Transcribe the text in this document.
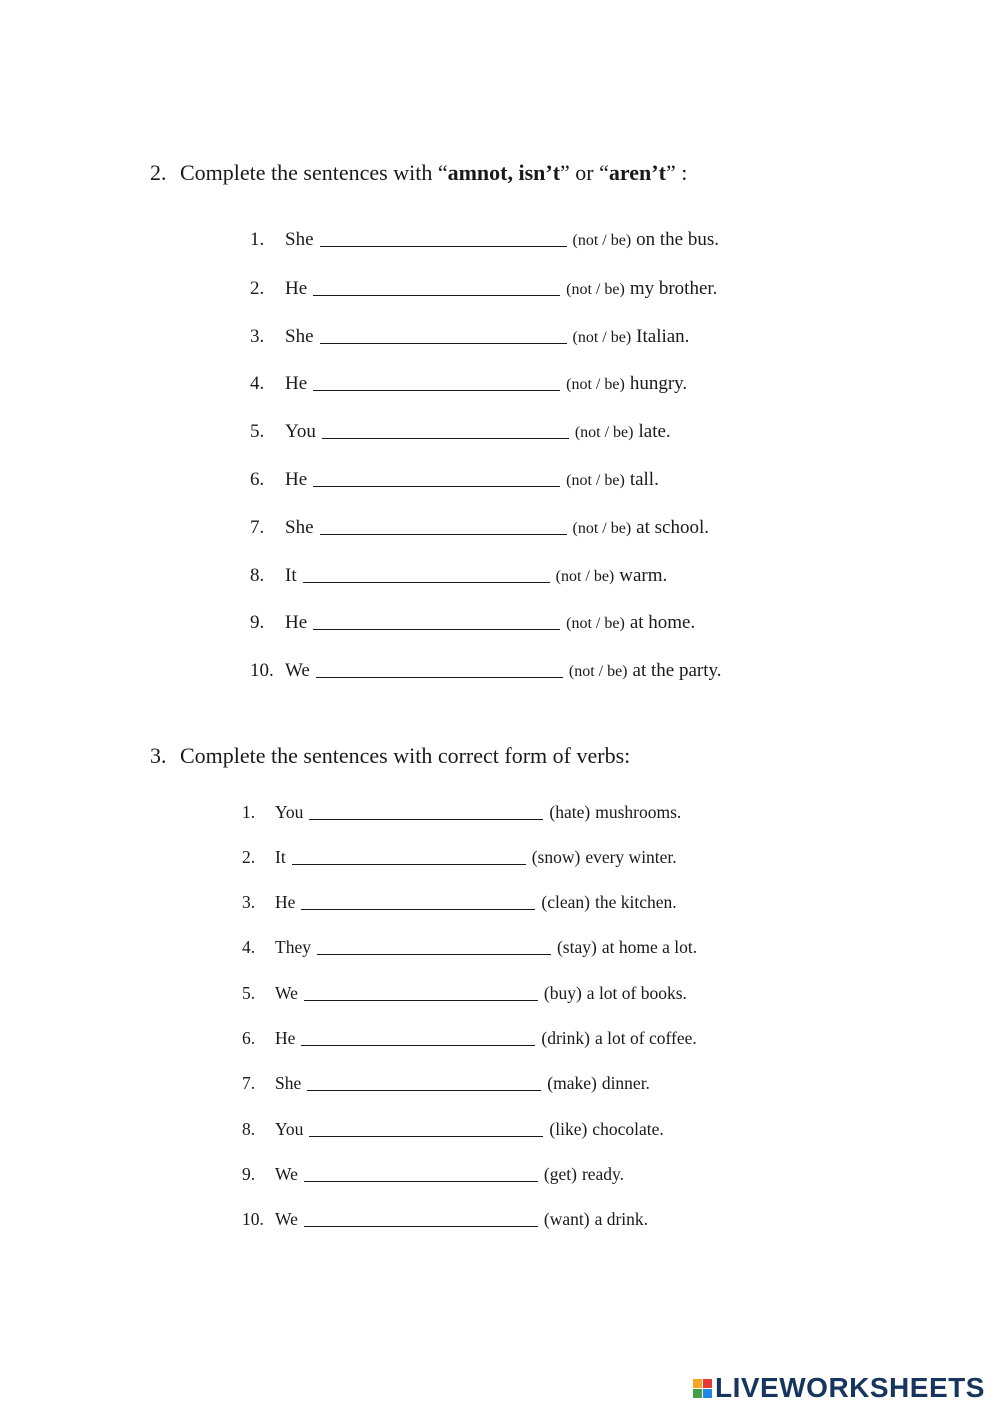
2. Complete the sentences with “amnot, isn’t” or “aren’t” :
1.	She	(not / be) on the bus.
2.	He	(not / be) my brother.
3.	She	(not / be) Italian.
4.	He	(not / be) hungry.
5.	You	(not / be) late.
6.	He	(not / be) tall.
7.	She	(not / be) at school.
8.	It	(not / be) warm.
9.	He	(not / be) at home.
10. We	(not / be) at the party.
3. Complete the sentences with correct form of verbs:
1.	You	(hate) mushrooms.
2.	It	(snow) every winter.
3.	He	(clean) the kitchen.
4.	They	(stay) at home a lot.
5.	We	(buy) a lot of books.
6.	He	(drink) a lot of coffee.
7.	She	(make) dinner.
8.	You	(like) chocolate.
9.	We	(get) ready.
10. We	(want) a drink.
LIVEWORKSHEETS
